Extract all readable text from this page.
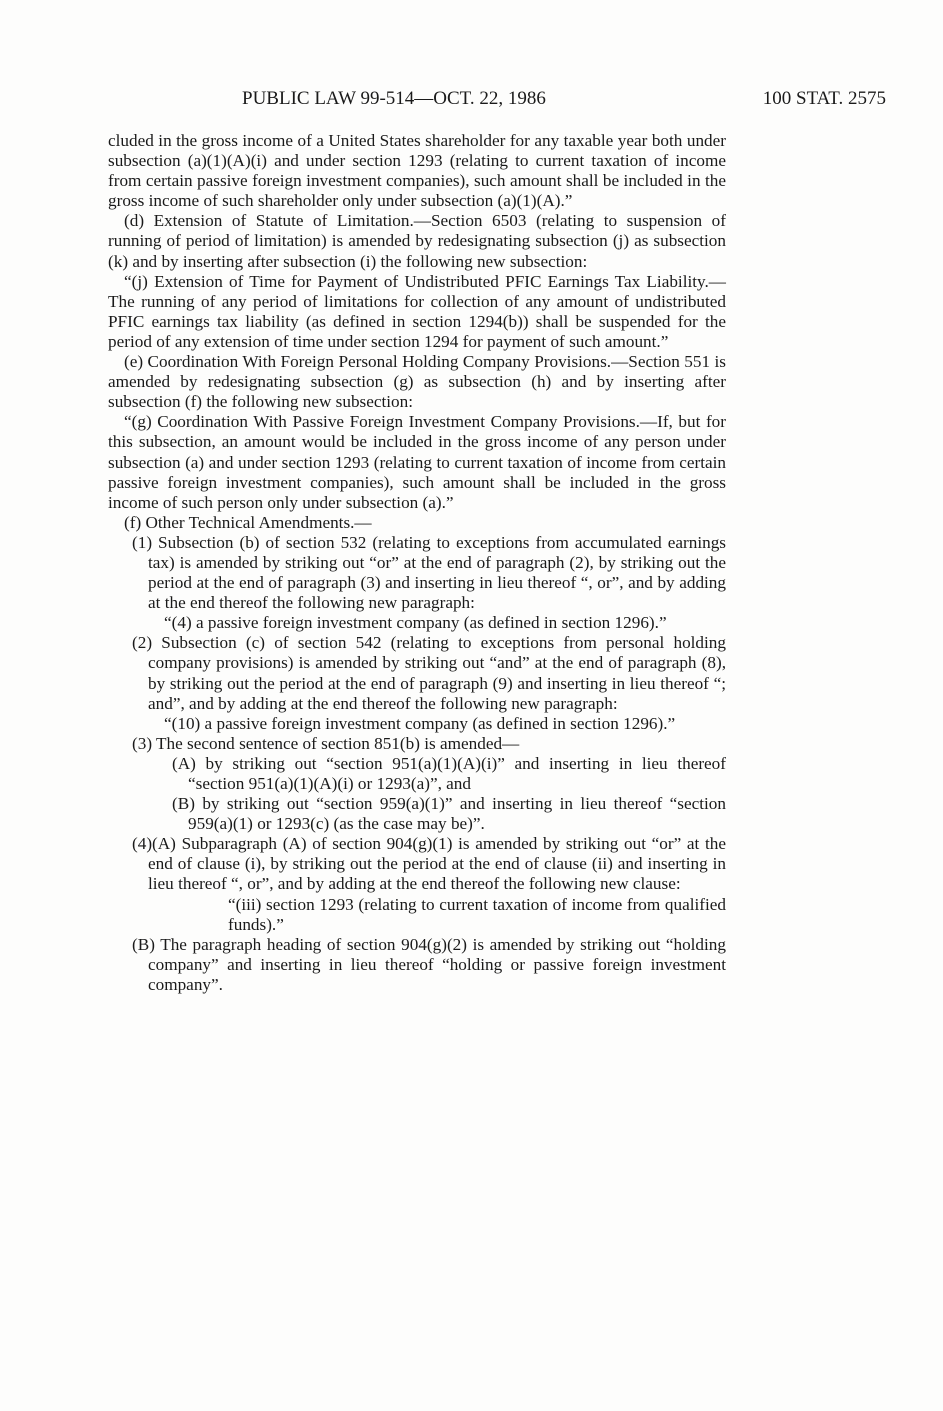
PUBLIC LAW 99-514—OCT. 22, 1986	100 STAT. 2575

cluded in the gross income of a United States shareholder for any taxable year both under subsection (a)(1)(A)(i) and under section 1293 (relating to current taxation of income from certain passive foreign investment companies), such amount shall be included in the gross income of such shareholder only under subsection (a)(1)(A).”

(d) Extension of Statute of Limitation.—Section 6503 (relating to suspension of running of period of limitation) is amended by redesignating subsection (j) as subsection (k) and by inserting after subsection (i) the following new subsection:

“(j) Extension of Time for Payment of Undistributed PFIC Earnings Tax Liability.—The running of any period of limitations for collection of any amount of undistributed PFIC earnings tax liability (as defined in section 1294(b)) shall be suspended for the period of any extension of time under section 1294 for payment of such amount.”

(e) Coordination With Foreign Personal Holding Company Provisions.—Section 551 is amended by redesignating subsection (g) as subsection (h) and by inserting after subsection (f) the following new subsection:

“(g) Coordination With Passive Foreign Investment Company Provisions.—If, but for this subsection, an amount would be included in the gross income of any person under subsection (a) and under section 1293 (relating to current taxation of income from certain passive foreign investment companies), such amount shall be included in the gross income of such person only under subsection (a).”

(f) Other Technical Amendments.—

(1) Subsection (b) of section 532 (relating to exceptions from accumulated earnings tax) is amended by striking out “or” at the end of paragraph (2), by striking out the period at the end of paragraph (3) and inserting in lieu thereof “, or”, and by adding at the end thereof the following new paragraph:

“(4) a passive foreign investment company (as defined in section 1296).”

(2) Subsection (c) of section 542 (relating to exceptions from personal holding company provisions) is amended by striking out “and” at the end of paragraph (8), by striking out the period at the end of paragraph (9) and inserting in lieu thereof “; and”, and by adding at the end thereof the following new paragraph:

“(10) a passive foreign investment company (as defined in section 1296).”

(3) The second sentence of section 851(b) is amended—

(A) by striking out “section 951(a)(1)(A)(i)” and inserting in lieu thereof “section 951(a)(1)(A)(i) or 1293(a)”, and

(B) by striking out “section 959(a)(1)” and inserting in lieu thereof “section 959(a)(1) or 1293(c) (as the case may be)”.

(4)(A) Subparagraph (A) of section 904(g)(1) is amended by striking out “or” at the end of clause (i), by striking out the period at the end of clause (ii) and inserting in lieu thereof “, or”, and by adding at the end thereof the following new clause:

“(iii) section 1293 (relating to current taxation of income from qualified funds).”

(B) The paragraph heading of section 904(g)(2) is amended by striking out “holding company” and inserting in lieu thereof “holding or passive foreign investment company”.
